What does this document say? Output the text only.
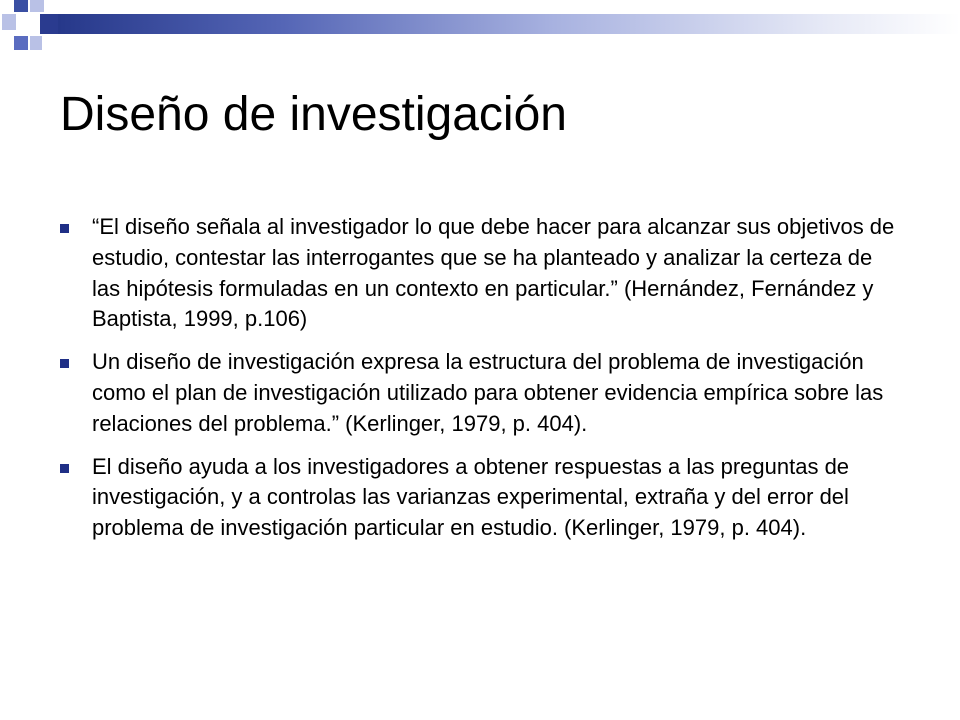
Diseño de investigación
“El diseño señala al investigador lo que debe hacer para alcanzar sus objetivos de estudio, contestar las interrogantes que se ha planteado y analizar la certeza de las hipótesis formuladas en un contexto en particular.” (Hernández, Fernández y Baptista, 1999, p.106)
Un diseño de investigación expresa la estructura del problema de investigación como el plan de investigación utilizado para obtener evidencia empírica sobre las relaciones del problema.” (Kerlinger, 1979, p. 404).
El diseño ayuda a los investigadores a obtener respuestas a las preguntas de investigación, y a controlas las varianzas experimental, extraña y del error del problema de investigación particular en estudio. (Kerlinger, 1979, p. 404).
